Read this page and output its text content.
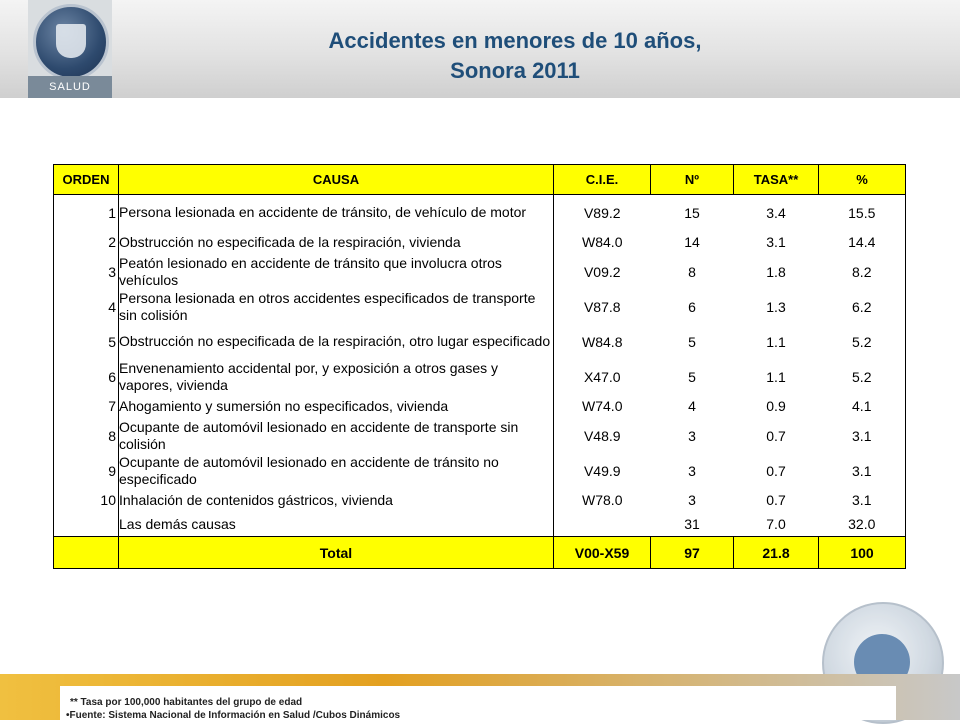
SALUD
Accidentes en menores de 10 años,
Sonora 2011
ORDEN	CAUSA	C.I.E.	Nº	TASA**	%
1	Persona lesionada en accidente de tránsito, de vehículo de motor	V89.2	15	3.4	15.5
2	Obstrucción no especificada de la respiración, vivienda	W84.0	14	3.1	14.4
3	Peatón lesionado en accidente de tránsito que involucra otros vehículos	V09.2	8	1.8	8.2
4	Persona lesionada en otros accidentes especificados de transporte sin colisión	V87.8	6	1.3	6.2
5	Obstrucción no especificada de la respiración, otro lugar especificado	W84.8	5	1.1	5.2
6	Envenenamiento accidental por, y exposición a otros gases y vapores, vivienda	X47.0	5	1.1	5.2
7	Ahogamiento y sumersión no especificados, vivienda	W74.0	4	0.9	4.1
8	Ocupante de automóvil lesionado en accidente de transporte sin colisión	V48.9	3	0.7	3.1
9	Ocupante de automóvil lesionado en accidente de tránsito no especificado	V49.9	3	0.7	3.1
10	Inhalación de contenidos gástricos, vivienda	W78.0	3	0.7	3.1
	Las demás causas		31	7.0	32.0
	Total	V00-X59	97	21.8	100
** Tasa por 100,000 habitantes del grupo de edad
•Fuente: Sistema Nacional de Información en Salud /Cubos Dinámicos
